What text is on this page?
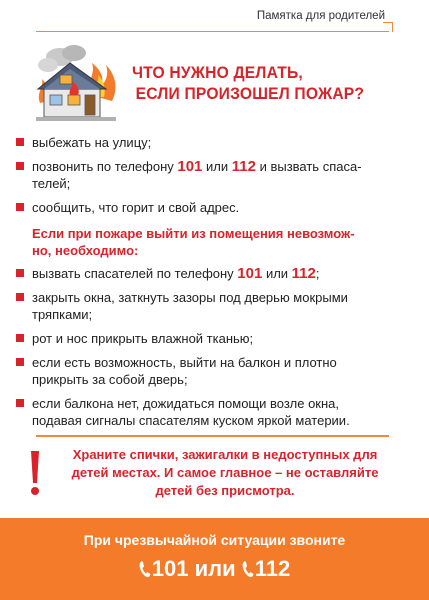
Памятка для родителей
ЧТО НУЖНО ДЕЛАТЬ,
ЕСЛИ ПРОИЗОШЕЛ ПОЖАР?
выбежать на улицу;
позвонить по телефону 101 или 112 и вызвать спаса-
телей;
сообщить, что горит и свой адрес.
Если при пожаре выйти из помещения невозмож-
но, необходимо:
вызвать спасателей по телефону 101 или 112;
закрыть окна, заткнуть зазоры под дверью мокрыми
тряпками;
рот и нос прикрыть влажной тканью;
если есть возможность, выйти на балкон и плотно
прикрыть за собой дверь;
если балкона нет, дожидаться помощи возле окна,
подавая сигналы спасателям куском яркой материи.
Храните спички, зажигалки в недоступных для
детей местах. И самое главное – не оставляйте
детей без присмотра.
При чрезвычайной ситуации звоните
101 или 112
